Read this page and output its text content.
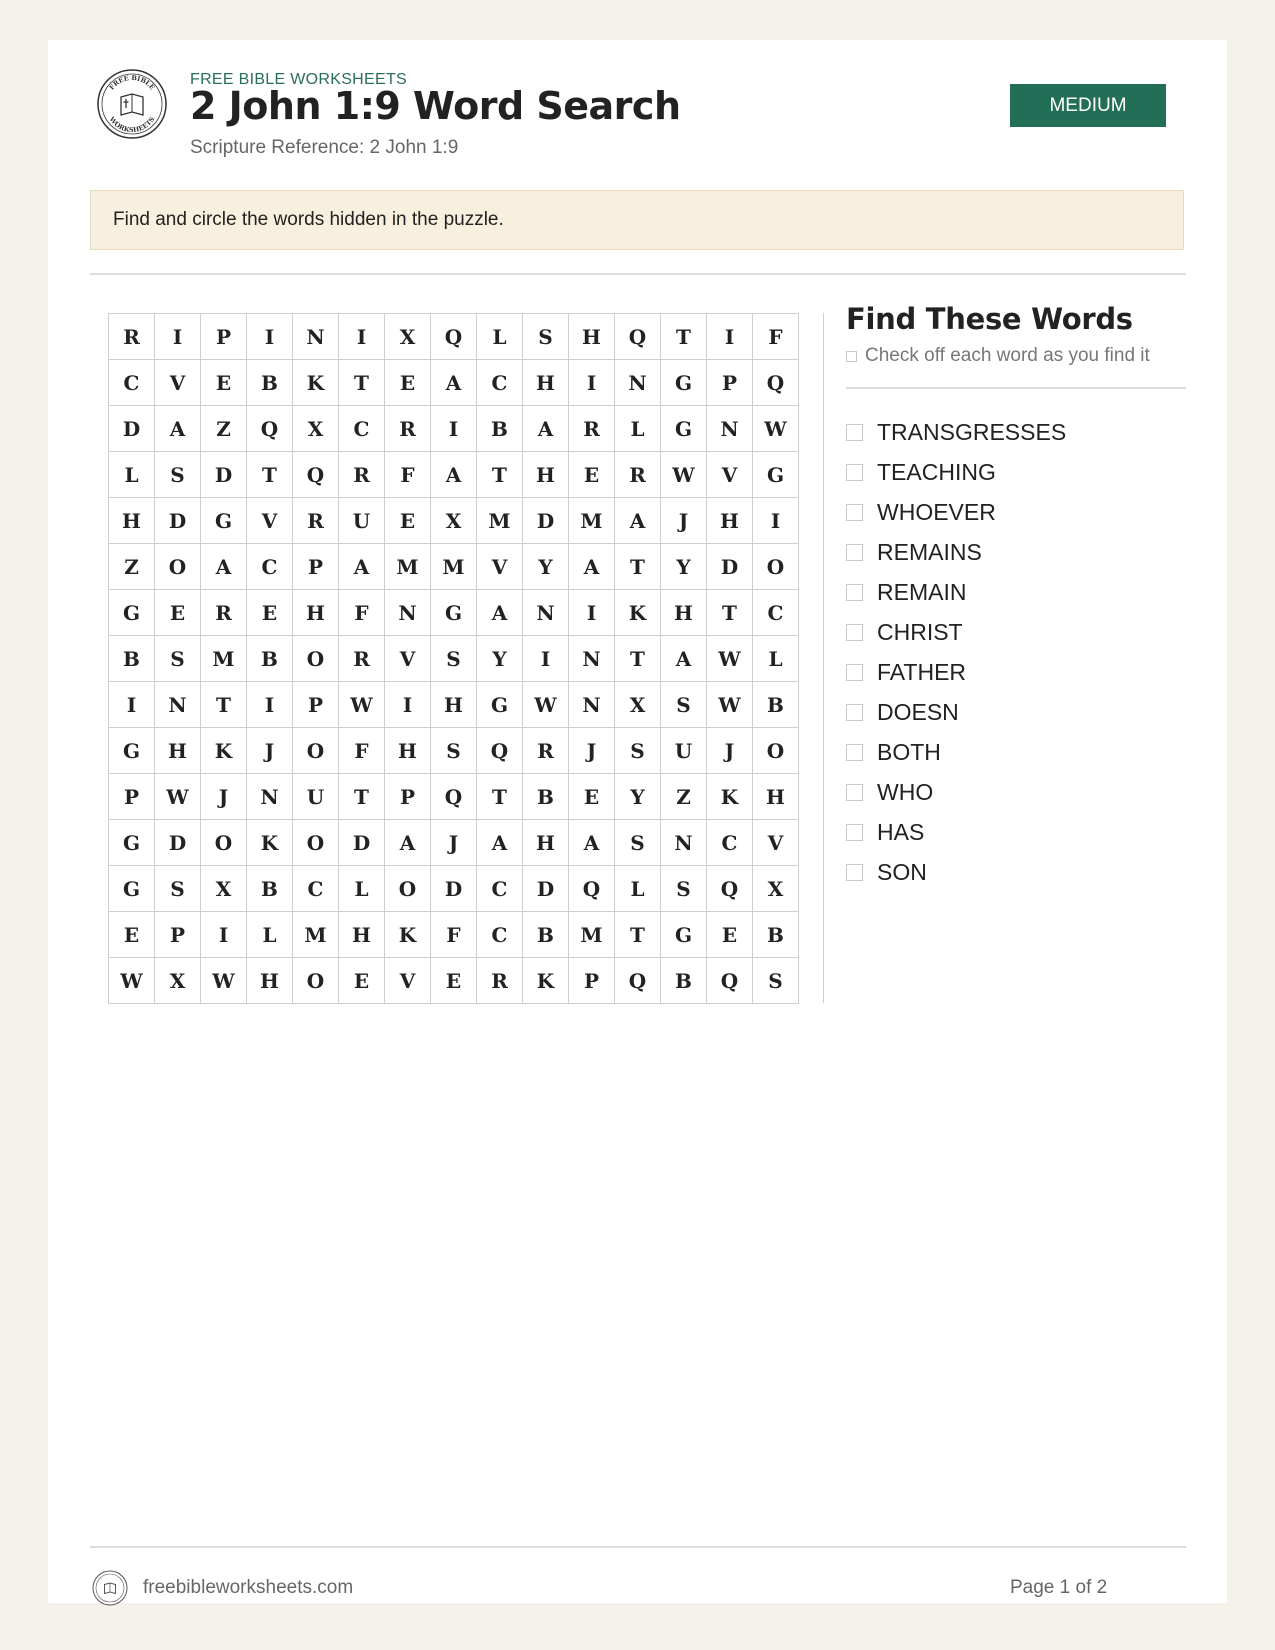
FREE BIBLE
WORKSHEETS
FREE BIBLE WORKSHEETS
2 John 1:9 Word Search
Scripture Reference: 2 John 1:9
MEDIUM
Find and circle the words hidden in the puzzle.
R	I	P	I	N	I	X	Q	L	S	H	Q	T	I	F
C	V	E	B	K	T	E	A	C	H	I	N	G	P	Q
D	A	Z	Q	X	C	R	I	B	A	R	L	G	N	W
L	S	D	T	Q	R	F	A	T	H	E	R	W	V	G
H	D	G	V	R	U	E	X	M	D	M	A	J	H	I
Z	O	A	C	P	A	M	M	V	Y	A	T	Y	D	O
G	E	R	E	H	F	N	G	A	N	I	K	H	T	C
B	S	M	B	O	R	V	S	Y	I	N	T	A	W	L
I	N	T	I	P	W	I	H	G	W	N	X	S	W	B
G	H	K	J	O	F	H	S	Q	R	J	S	U	J	O
P	W	J	N	U	T	P	Q	T	B	E	Y	Z	K	H
G	D	O	K	O	D	A	J	A	H	A	S	N	C	V
G	S	X	B	C	L	O	D	C	D	Q	L	S	Q	X
E	P	I	L	M	H	K	F	C	B	M	T	G	E	B
W	X	W	H	O	E	V	E	R	K	P	Q	B	Q	S
Find These Words
Check off each word as you find it
TRANSGRESSES
TEACHING
WHOEVER
REMAINS
REMAIN
CHRIST
FATHER
DOESN
BOTH
WHO
HAS
SON
freebibleworksheets.com	Page 1 of 2
